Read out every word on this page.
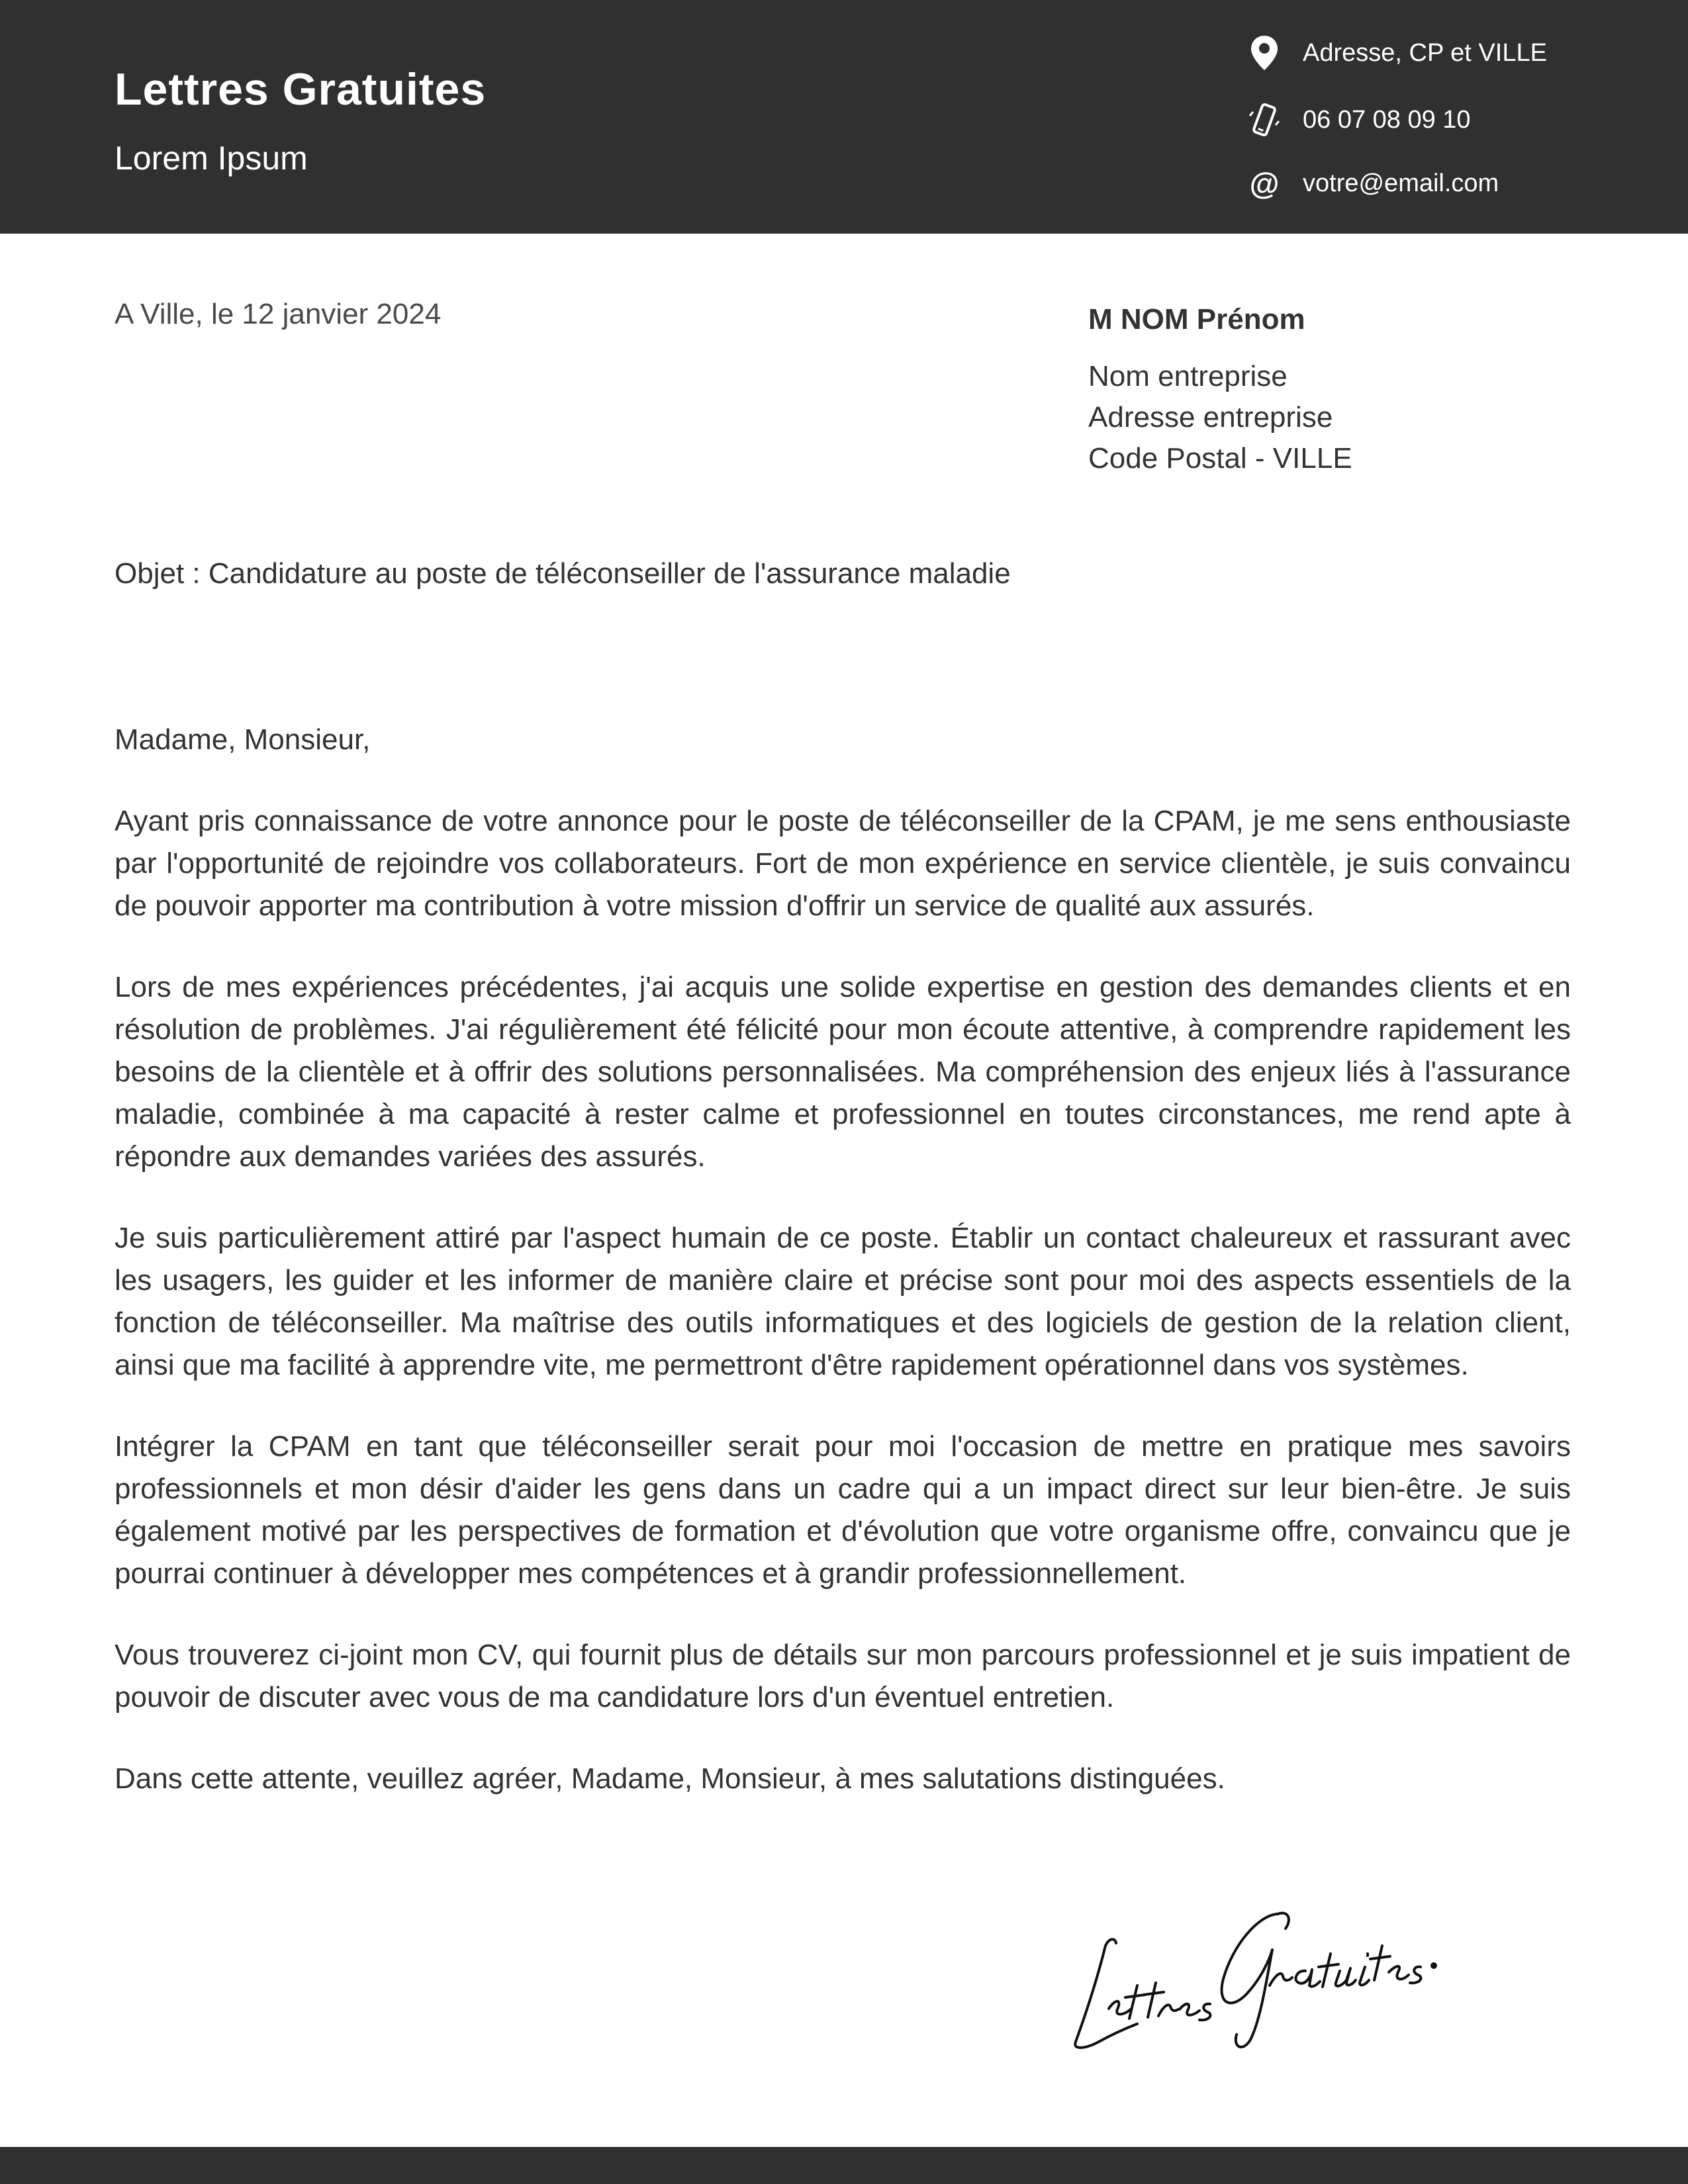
Lettres Gratuites
Lorem Ipsum
Adresse, CP et VILLE
06 07 08 09 10
@ votre@email.com
A Ville, le 12 janvier 2024	M NOM Prénom
Nom entreprise
Adresse entreprise
Code Postal - VILLE
Objet : Candidature au poste de téléconseiller de l'assurance maladie

Madame, Monsieur,

Ayant pris connaissance de votre annonce pour le poste de téléconseiller de la CPAM, je me sens enthousiaste par l'opportunité de rejoindre vos collaborateurs. Fort de mon expérience en service clientèle, je suis convaincu de pouvoir apporter ma contribution à votre mission d'offrir un service de qualité aux assurés.

Lors de mes expériences précédentes, j'ai acquis une solide expertise en gestion des demandes clients et en résolution de problèmes. J'ai régulièrement été félicité pour mon écoute attentive, à comprendre rapidement les besoins de la clientèle et à offrir des solutions personnalisées. Ma compréhension des enjeux liés à l'assurance maladie, combinée à ma capacité à rester calme et professionnel en toutes circonstances, me rend apte à répondre aux demandes variées des assurés.

Je suis particulièrement attiré par l'aspect humain de ce poste. Établir un contact chaleureux et rassurant avec les usagers, les guider et les informer de manière claire et précise sont pour moi des aspects essentiels de la fonction de téléconseiller. Ma maîtrise des outils informatiques et des logiciels de gestion de la relation client, ainsi que ma facilité à apprendre vite, me permettront d'être rapidement opérationnel dans vos systèmes.

Intégrer la CPAM en tant que téléconseiller serait pour moi l'occasion de mettre en pratique mes savoirs professionnels et mon désir d'aider les gens dans un cadre qui a un impact direct sur leur bien-être. Je suis également motivé par les perspectives de formation et d'évolution que votre organisme offre, convaincu que je pourrai continuer à développer mes compétences et à grandir professionnellement.

Vous trouverez ci-joint mon CV, qui fournit plus de détails sur mon parcours professionnel et je suis impatient de pouvoir de discuter avec vous de ma candidature lors d'un éventuel entretien.

Dans cette attente, veuillez agréer, Madame, Monsieur, à mes salutations distinguées.
